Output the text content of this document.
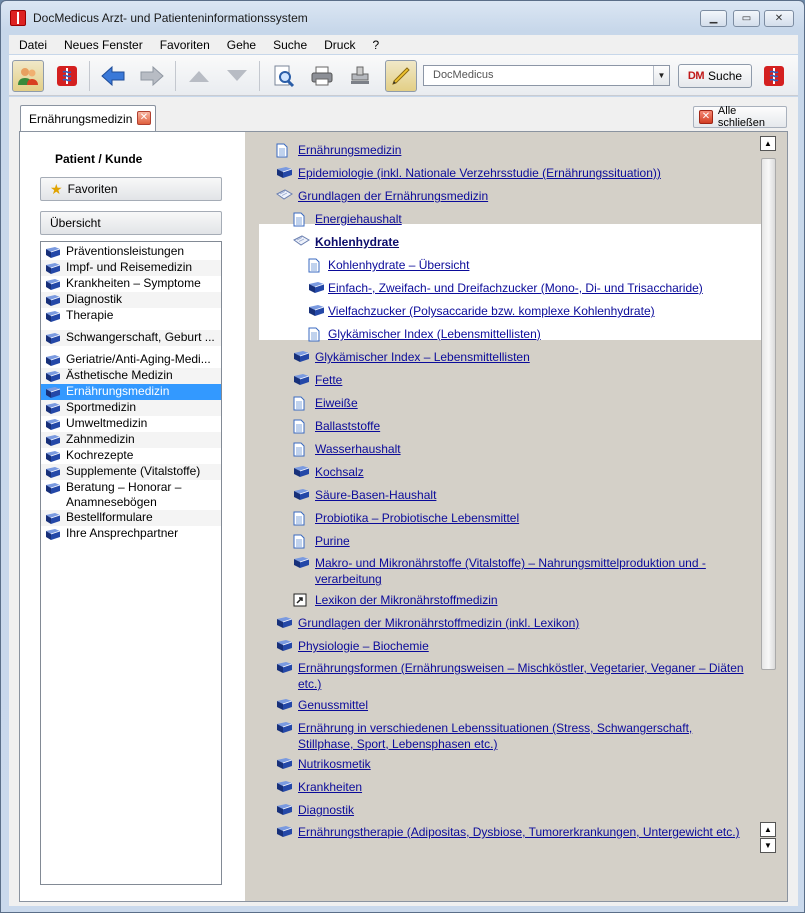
DocMedicus Arzt- und Patienteninformationssystem	▁ ▭ ✕
Datei	Neues Fenster	Favoriten	Gehe	Suche	Druck	?
DocMedicus	▼	DM Suche
Ernährungsmedizin ✕	✕ Alle schließen
Patient / Kunde
★ Favoriten
Übersicht
Präventionsleistungen
Impf- und Reisemedizin
Krankheiten – Symptome
Diagnostik
Therapie
Schwangerschaft, Geburt ...
Geriatrie/Anti-Aging-Medi...
Ästhetische Medizin
Ernährungsmedizin
Sportmedizin
Umweltmedizin
Zahnmedizin
Kochrezepte
Supplemente (Vitalstoffe)
Beratung – Honorar – Anamnesebögen
Bestellformulare
Ihre Ansprechpartner
Ernährungsmedizin
Epidemiologie (inkl. Nationale Verzehrsstudie (Ernährungssituation))
Grundlagen der Ernährungsmedizin
Energiehaushalt
Kohlenhydrate
Kohlenhydrate – Übersicht
Einfach-, Zweifach- und Dreifachzucker (Mono-, Di- und Trisaccharide)
Vielfachzucker (Polysaccaride bzw. komplexe Kohlenhydrate)
Glykämischer Index (Lebensmittellisten)
Glykämischer Index – Lebensmittellisten
Fette
Eiweiße
Ballaststoffe
Wasserhaushalt
Kochsalz
Säure-Basen-Haushalt
Probiotika – Probiotische Lebensmittel
Purine
Makro- und Mikronährstoffe (Vitalstoffe) – Nahrungsmittelproduktion und -verarbeitung
Lexikon der Mikronährstoffmedizin
Grundlagen der Mikronährstoffmedizin (inkl. Lexikon)
Physiologie – Biochemie
Ernährungsformen (Ernährungsweisen – Mischköstler, Vegetarier, Veganer – Diäten etc.)
Genussmittel
Ernährung in verschiedenen Lebenssituationen (Stress, Schwangerschaft, Stillphase, Sport, Lebensphasen etc.)
Nutrikosmetik
Krankheiten
Diagnostik
Ernährungstherapie (Adipositas, Dysbiose, Tumorerkrankungen, Untergewicht etc.)
▲
▲
▼
